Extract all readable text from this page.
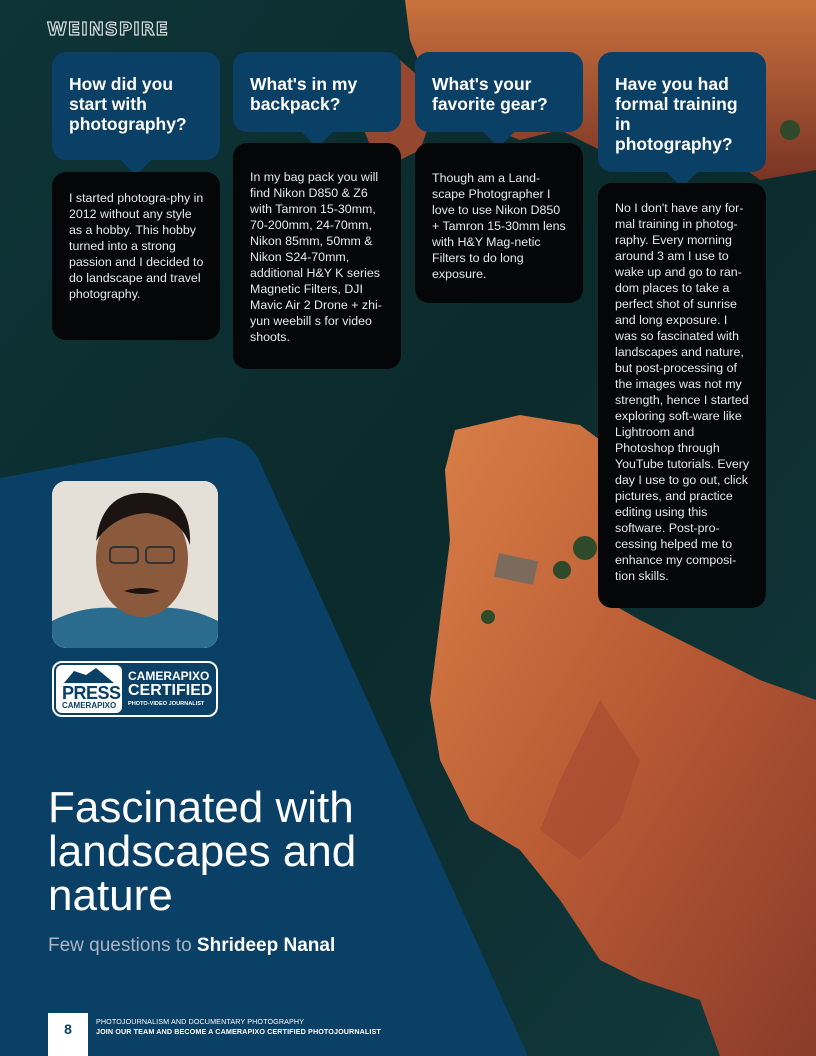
WEINSPIRE
How did you start with photography?
I started photogra-phy in 2012 without any style as a hobby. This hobby turned into a strong passion and I decided to do landscape and travel photography.
What's in my backpack?
In my bag pack you will find Nikon D850 & Z6 with Tamron 15-30mm, 70-200mm, 24-70mm, Nikon 85mm, 50mm & Nikon S24-70mm, additional H&Y K series Magnetic Filters, DJI Mavic Air 2 Drone + zhi-yun weebill s for video shoots.
What's your favorite gear?
Though am a Land-scape Photographer I love to use Nikon D850 + Tamron 15-30mm lens with H&Y Mag-netic Filters to do long exposure.
Have you had formal training in photography?
No I don't have any for-mal training in photog-raphy. Every morning around 3 am I use to wake up and go to ran-dom places to take a perfect shot of sunrise and long exposure. I was so fascinated with landscapes and nature, but post-processing of the images was not my strength, hence I started exploring soft-ware like Lightroom and Photoshop through YouTube tutorials. Every day I use to go out, click pictures, and practice editing using this software. Post-pro-cessing helped me to enhance my composi-tion skills.
PRESS
CAMERAPIXO
CAMERAPIXO
CERTIFIED
PHOTO-VIDEO JOURNALIST
Fascinated with landscapes and nature
Few questions to Shrideep Nanal
8	PHOTOJOURNALISM AND DOCUMENTARY PHOTOGRAPHY
JOIN OUR TEAM AND BECOME A CAMERAPIXO CERTIFIED PHOTOJOURNALIST
